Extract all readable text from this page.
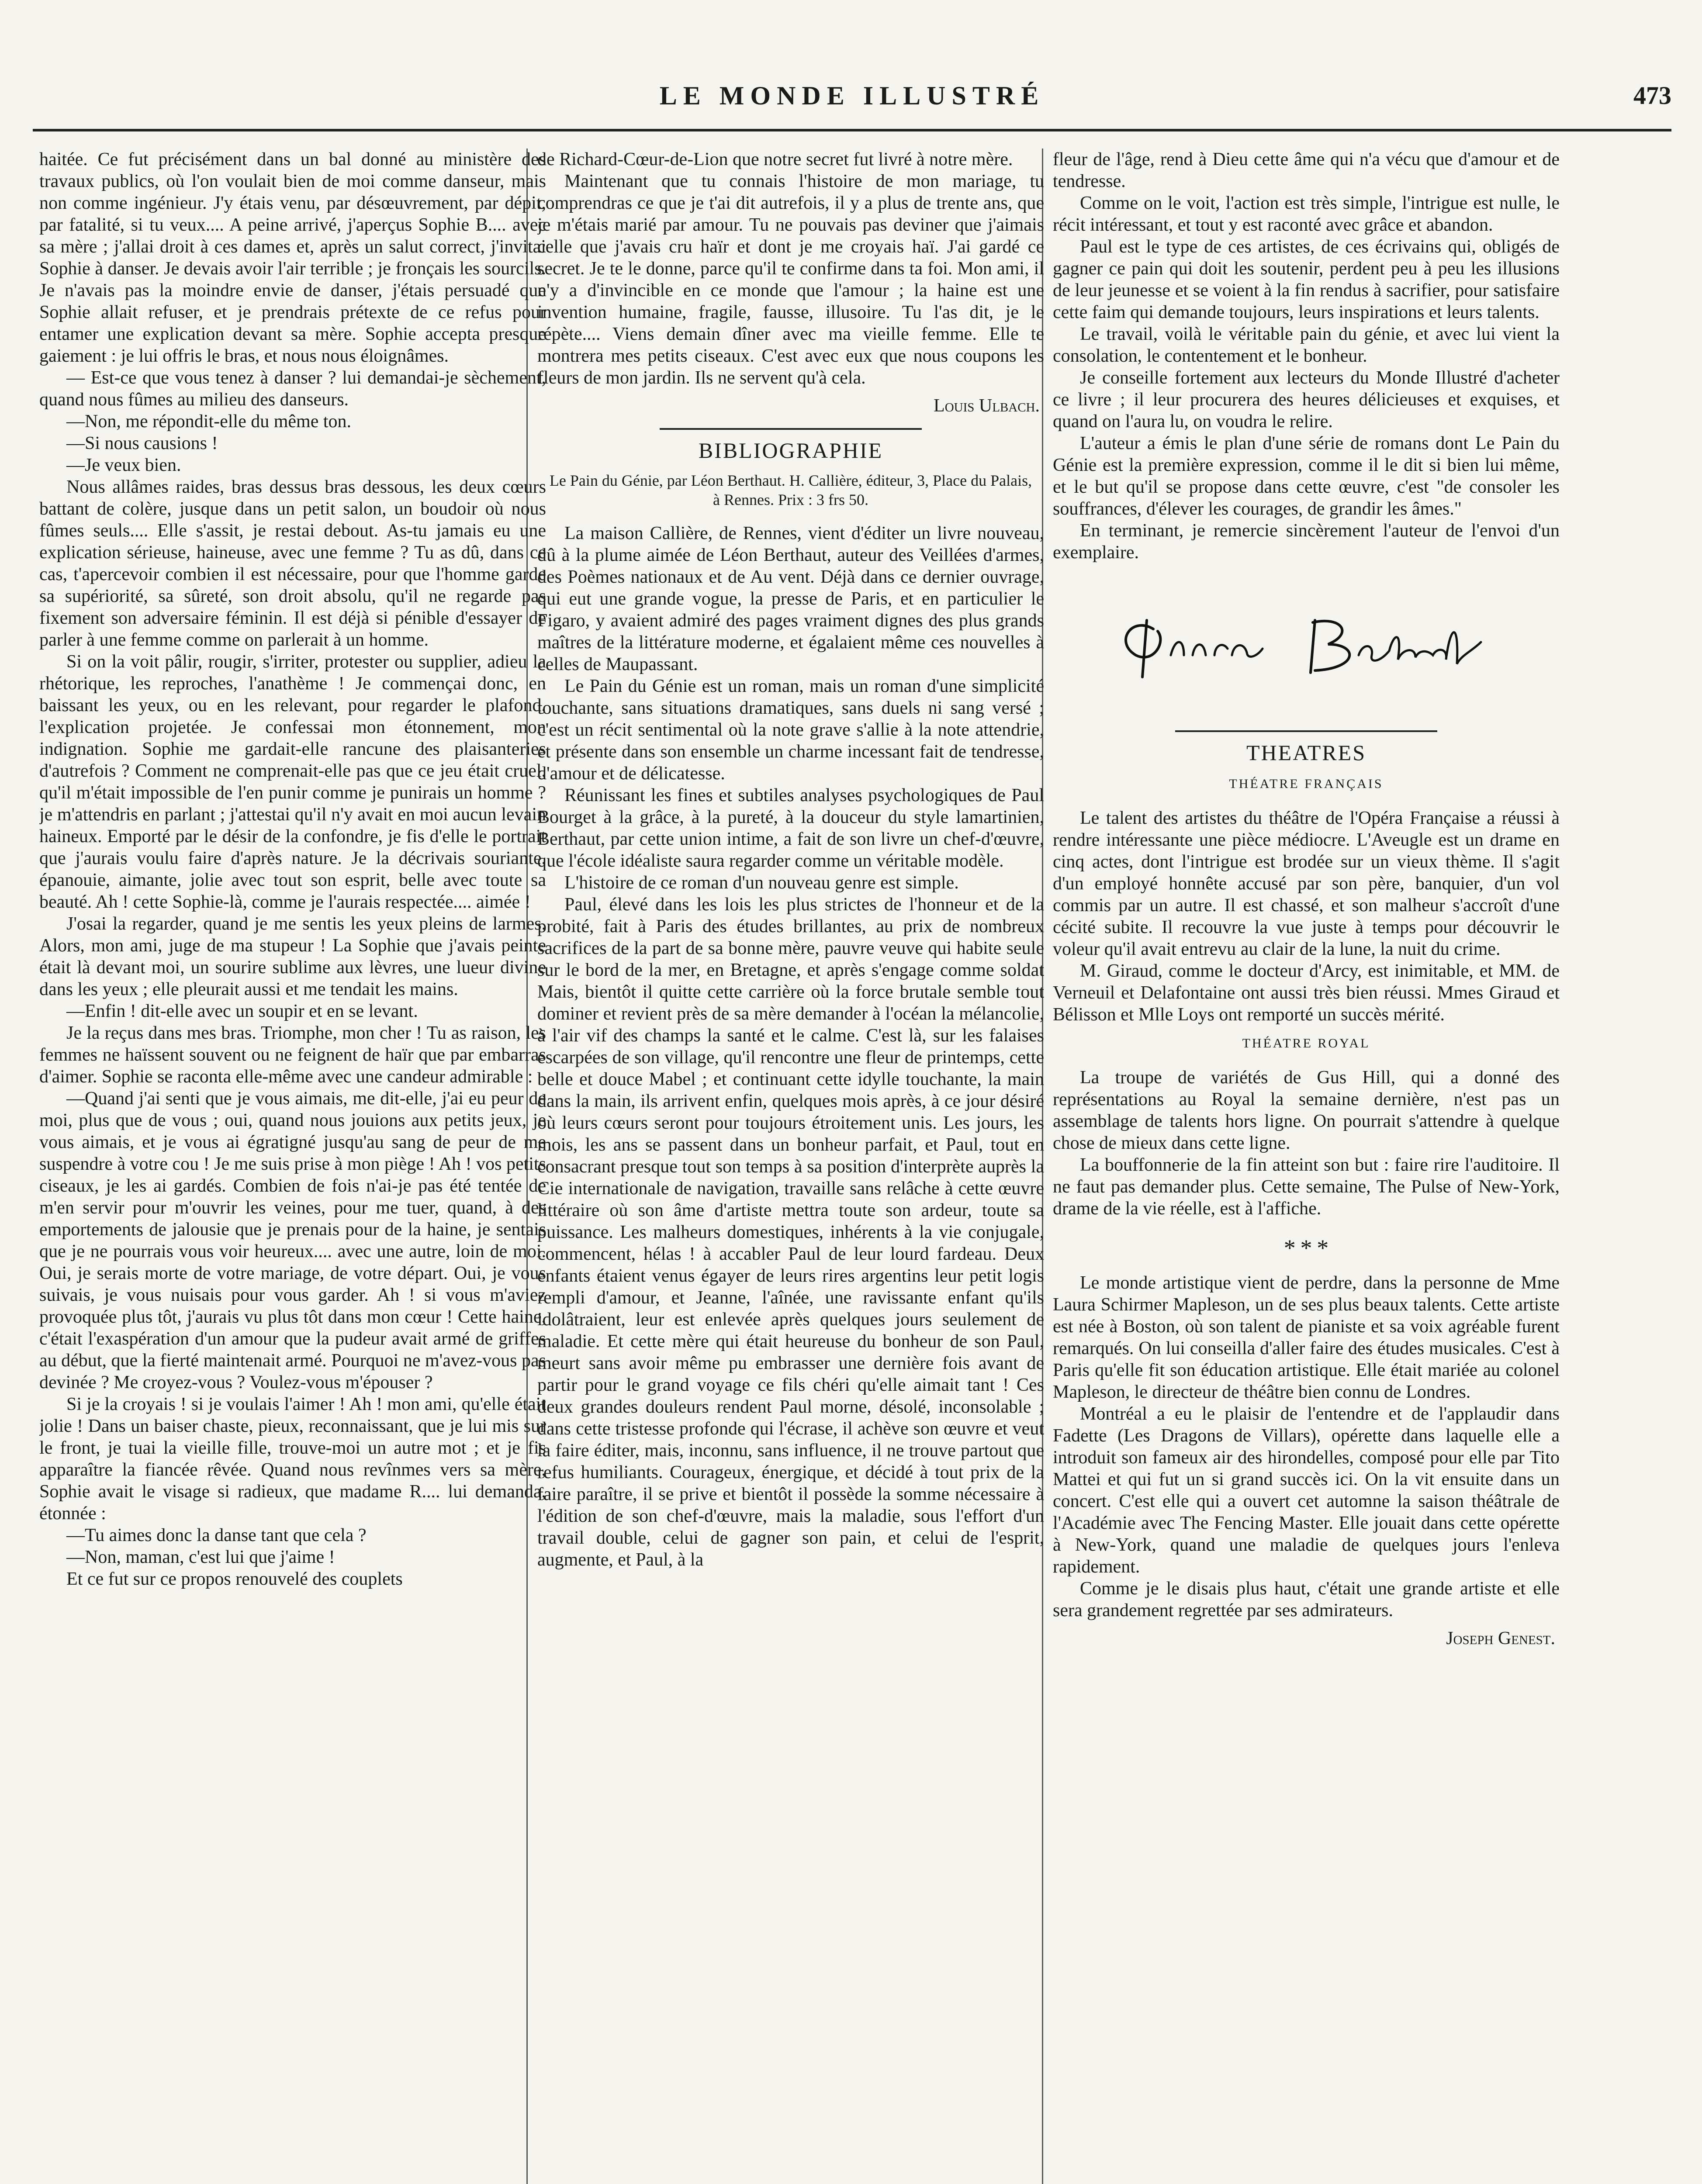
LE MONDE ILLUSTRÉ	473

haitée. Ce fut précisément dans un bal donné au ministère des travaux publics, où l'on voulait bien de moi comme danseur, mais non comme ingénieur. J'y étais venu, par désœuvrement, par dépit, par fatalité, si tu veux.... A peine arrivé, j'aperçus Sophie B.... avec sa mère ; j'allai droit à ces dames et, après un salut correct, j'invitai Sophie à danser. Je devais avoir l'air terrible ; je fronçais les sourcils. Je n'avais pas la moindre envie de danser, j'étais persuadé que Sophie allait refuser, et je prendrais prétexte de ce refus pour entamer une explication devant sa mère. Sophie accepta presque gaiement : je lui offris le bras, et nous nous éloignâmes.

— Est-ce que vous tenez à danser ? lui demandai-je sèchement, quand nous fûmes au milieu des danseurs.

—Non, me répondit-elle du même ton.

—Si nous causions !

—Je veux bien.

Nous allâmes raides, bras dessus bras dessous, les deux cœurs battant de colère, jusque dans un petit salon, un boudoir où nous fûmes seuls.... Elle s'assit, je restai debout. As-tu jamais eu une explication sérieuse, haineuse, avec une femme ? Tu as dû, dans ce cas, t'apercevoir combien il est nécessaire, pour que l'homme garde sa supériorité, sa sûreté, son droit absolu, qu'il ne regarde pas fixement son adversaire féminin. Il est déjà si pénible d'essayer de parler à une femme comme on parlerait à un homme.

Si on la voit pâlir, rougir, s'irriter, protester ou supplier, adieu la rhétorique, les reproches, l'anathème ! Je commençai donc, en baissant les yeux, ou en les relevant, pour regarder le plafond, l'explication projetée. Je confessai mon étonnement, mon indignation. Sophie me gardait-elle rancune des plaisanteries d'autrefois ? Comment ne comprenait-elle pas que ce jeu était cruel, qu'il m'était impossible de l'en punir comme je punirais un homme ? je m'attendris en parlant ; j'attestai qu'il n'y avait en moi aucun levain haineux. Emporté par le désir de la confondre, je fis d'elle le portrait que j'aurais voulu faire d'après nature. Je la décrivais souriante, épanouie, aimante, jolie avec tout son esprit, belle avec toute sa beauté. Ah ! cette Sophie-là, comme je l'aurais respectée.... aimée !

J'osai la regarder, quand je me sentis les yeux pleins de larmes. Alors, mon ami, juge de ma stupeur ! La Sophie que j'avais peinte était là devant moi, un sourire sublime aux lèvres, une lueur divine dans les yeux ; elle pleurait aussi et me tendait les mains.

—Enfin ! dit-elle avec un soupir et en se levant.

Je la reçus dans mes bras. Triomphe, mon cher ! Tu as raison, les femmes ne haïssent souvent ou ne feignent de haïr que par embarras d'aimer. Sophie se raconta elle-même avec une candeur admirable :

—Quand j'ai senti que je vous aimais, me dit-elle, j'ai eu peur de moi, plus que de vous ; oui, quand nous jouions aux petits jeux, je vous aimais, et je vous ai égratigné jusqu'au sang de peur de me suspendre à votre cou ! Je me suis prise à mon piège ! Ah ! vos petits ciseaux, je les ai gardés. Combien de fois n'ai-je pas été tentée de m'en servir pour m'ouvrir les veines, pour me tuer, quand, à des emportements de jalousie que je prenais pour de la haine, je sentais que je ne pourrais vous voir heureux.... avec une autre, loin de moi. Oui, je serais morte de votre mariage, de votre départ. Oui, je vous suivais, je vous nuisais pour vous garder. Ah ! si vous m'aviez provoquée plus tôt, j'aurais vu plus tôt dans mon cœur ! Cette haine, c'était l'exaspération d'un amour que la pudeur avait armé de griffes au début, que la fierté maintenait armé. Pourquoi ne m'avez-vous pas devinée ? Me croyez-vous ? Voulez-vous m'épouser ?

Si je la croyais ! si je voulais l'aimer ! Ah ! mon ami, qu'elle était jolie ! Dans un baiser chaste, pieux, reconnaissant, que je lui mis sur le front, je tuai la vieille fille, trouve-moi un autre mot ; et je fis apparaître la fiancée rêvée. Quand nous revînmes vers sa mère, Sophie avait le visage si radieux, que madame R.... lui demanda, étonnée :

—Tu aimes donc la danse tant que cela ?

—Non, maman, c'est lui que j'aime !

Et ce fut sur ce propos renouvelé des couplets

de Richard-Cœur-de-Lion que notre secret fut livré à notre mère.

Maintenant que tu connais l'histoire de mon mariage, tu comprendras ce que je t'ai dit autrefois, il y a plus de trente ans, que je m'étais marié par amour. Tu ne pouvais pas deviner que j'aimais celle que j'avais cru haïr et dont je me croyais haï. J'ai gardé ce secret. Je te le donne, parce qu'il te confirme dans ta foi. Mon ami, il n'y a d'invincible en ce monde que l'amour ; la haine est une invention humaine, fragile, fausse, illusoire. Tu l'as dit, je le répète.... Viens demain dîner avec ma vieille femme. Elle te montrera mes petits ciseaux. C'est avec eux que nous coupons les fleurs de mon jardin. Ils ne servent qu'à cela.

Louis Ulbach.
BIBLIOGRAPHIE
Le Pain du Génie, par Léon Berthaut. H. Callière, éditeur, 3, Place du Palais, à Rennes. Prix : 3 frs 50.

La maison Callière, de Rennes, vient d'éditer un livre nouveau, dû à la plume aimée de Léon Berthaut, auteur des Veillées d'armes, des Poèmes nationaux et de Au vent. Déjà dans ce dernier ouvrage, qui eut une grande vogue, la presse de Paris, et en particulier le Figaro, y avaient admiré des pages vraiment dignes des plus grands maîtres de la littérature moderne, et égalaient même ces nouvelles à celles de Maupassant.

Le Pain du Génie est un roman, mais un roman d'une simplicité touchante, sans situations dramatiques, sans duels ni sang versé ; c'est un récit sentimental où la note grave s'allie à la note attendrie, et présente dans son ensemble un charme incessant fait de tendresse, d'amour et de délicatesse.

Réunissant les fines et subtiles analyses psychologiques de Paul Bourget à la grâce, à la pureté, à la douceur du style lamartinien, Berthaut, par cette union intime, a fait de son livre un chef-d'œuvre, que l'école idéaliste saura regarder comme un véritable modèle.

L'histoire de ce roman d'un nouveau genre est simple.

Paul, élevé dans les lois les plus strictes de l'honneur et de la probité, fait à Paris des études brillantes, au prix de nombreux sacrifices de la part de sa bonne mère, pauvre veuve qui habite seule sur le bord de la mer, en Bretagne, et après s'engage comme soldat Mais, bientôt il quitte cette carrière où la force brutale semble tout dominer et revient près de sa mère demander à l'océan la mélancolie, à l'air vif des champs la santé et le calme. C'est là, sur les falaises escarpées de son village, qu'il rencontre une fleur de printemps, cette belle et douce Mabel ; et continuant cette idylle touchante, la main dans la main, ils arrivent enfin, quelques mois après, à ce jour désiré où leurs cœurs seront pour toujours étroitement unis. Les jours, les mois, les ans se passent dans un bonheur parfait, et Paul, tout en consacrant presque tout son temps à sa position d'interprète auprès la Cie internationale de navigation, travaille sans relâche à cette œuvre littéraire où son âme d'artiste mettra toute son ardeur, toute sa puissance. Les malheurs domestiques, inhérents à la vie conjugale, commencent, hélas ! à accabler Paul de leur lourd fardeau. Deux enfants étaient venus égayer de leurs rires argentins leur petit logis rempli d'amour, et Jeanne, l'aînée, une ravissante enfant qu'ils idolâtraient, leur est enlevée après quelques jours seulement de maladie. Et cette mère qui était heureuse du bonheur de son Paul, meurt sans avoir même pu embrasser une dernière fois avant de partir pour le grand voyage ce fils chéri qu'elle aimait tant ! Ces deux grandes douleurs rendent Paul morne, désolé, inconsolable ; dans cette tristesse profonde qui l'écrase, il achève son œuvre et veut la faire éditer, mais, inconnu, sans influence, il ne trouve partout que refus humiliants. Courageux, énergique, et décidé à tout prix de la faire paraître, il se prive et bientôt il possède la somme nécessaire à l'édition de son chef-d'œuvre, mais la maladie, sous l'effort d'un travail double, celui de gagner son pain, et celui de l'esprit, augmente, et Paul, à la

fleur de l'âge, rend à Dieu cette âme qui n'a vécu que d'amour et de tendresse.

Comme on le voit, l'action est très simple, l'intrigue est nulle, le récit intéressant, et tout y est raconté avec grâce et abandon.

Paul est le type de ces artistes, de ces écrivains qui, obligés de gagner ce pain qui doit les soutenir, perdent peu à peu les illusions de leur jeunesse et se voient à la fin rendus à sacrifier, pour satisfaire cette faim qui demande toujours, leurs inspirations et leurs talents.

Le travail, voilà le véritable pain du génie, et avec lui vient la consolation, le contentement et le bonheur.

Je conseille fortement aux lecteurs du Monde Illustré d'acheter ce livre ; il leur procurera des heures délicieuses et exquises, et quand on l'aura lu, on voudra le relire.

L'auteur a émis le plan d'une série de romans dont Le Pain du Génie est la première expression, comme il le dit si bien lui même, et le but qu'il se propose dans cette œuvre, c'est "de consoler les souffrances, d'élever les courages, de grandir les âmes."

En terminant, je remercie sincèrement l'auteur de l'envoi d'un exemplaire.

THEATRES
THÉATRE FRANÇAIS

Le talent des artistes du théâtre de l'Opéra Française a réussi à rendre intéressante une pièce médiocre. L'Aveugle est un drame en cinq actes, dont l'intrigue est brodée sur un vieux thème. Il s'agit d'un employé honnête accusé par son père, banquier, d'un vol commis par un autre. Il est chassé, et son malheur s'accroît d'une cécité subite. Il recouvre la vue juste à temps pour découvrir le voleur qu'il avait entrevu au clair de la lune, la nuit du crime.

M. Giraud, comme le docteur d'Arcy, est inimitable, et MM. de Verneuil et Delafontaine ont aussi très bien réussi. Mmes Giraud et Bélisson et Mlle Loys ont remporté un succès mérité.

THÉATRE ROYAL

La troupe de variétés de Gus Hill, qui a donné des représentations au Royal la semaine dernière, n'est pas un assemblage de talents hors ligne. On pourrait s'attendre à quelque chose de mieux dans cette ligne.

La bouffonnerie de la fin atteint son but : faire rire l'auditoire. Il ne faut pas demander plus. Cette semaine, The Pulse of New-York, drame de la vie réelle, est à l'affiche.

* * *

Le monde artistique vient de perdre, dans la personne de Mme Laura Schirmer Mapleson, un de ses plus beaux talents. Cette artiste est née à Boston, où son talent de pianiste et sa voix agréable furent remarqués. On lui conseilla d'aller faire des études musicales. C'est à Paris qu'elle fit son éducation artistique. Elle était mariée au colonel Mapleson, le directeur de théâtre bien connu de Londres.

Montréal a eu le plaisir de l'entendre et de l'applaudir dans Fadette (Les Dragons de Villars), opérette dans laquelle elle a introduit son fameux air des hirondelles, composé pour elle par Tito Mattei et qui fut un si grand succès ici. On la vit ensuite dans un concert. C'est elle qui a ouvert cet automne la saison théâtrale de l'Académie avec The Fencing Master. Elle jouait dans cette opérette à New-York, quand une maladie de quelques jours l'enleva rapidement.

Comme je le disais plus haut, c'était une grande artiste et elle sera grandement regrettée par ses admirateurs.

Joseph Genest.
